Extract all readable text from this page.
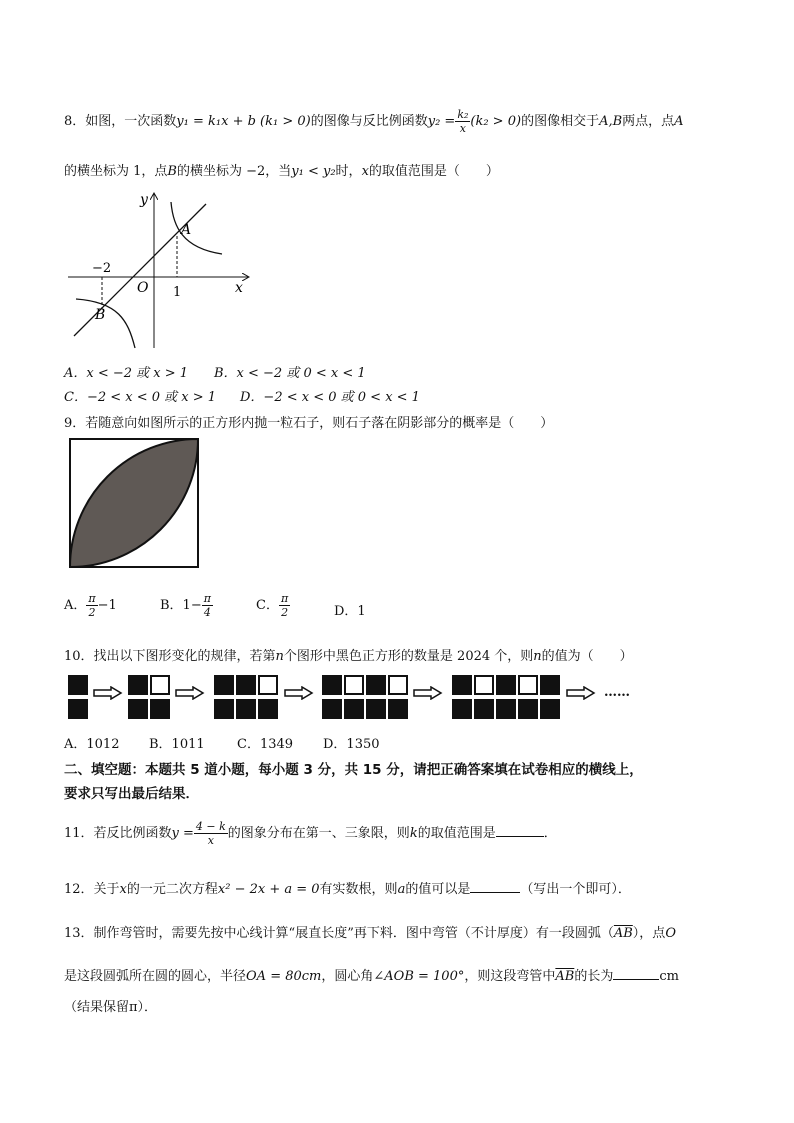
8．如图，一次函数y₁ = k₁x + b (k₁ > 0)的图像与反比例函数$y_2 = \frac{\text{k₂}}{x} (k_2 > 0)$的图像相交于A,B两点，点A
的横坐标为 1，点B的横坐标为 −2，当y₁ < y₂时，x的取值范围是（　　）
y
x
O
−2
1
A
B
A．x < −2 或 x > 1 B．x < −2 或 0 < x < 1
C．−2 < x < 0 或 x > 1 D．−2 < x < 0 或 0 < x < 1
9．若随意向如图所示的正方形内抛一粒石子，则石子落在阴影部分的概率是（　　）
A． $\frac{\pi}{2} -1$	B．$1- \frac{\pi}{4}$	C． $\frac{\pi}{2}$	D．1
10．找出以下图形变化的规律，若第n个图形中黑色正方形的数量是 2024 个，则n的值为（　　）
……
A．1012 B．1011 C．1349 D．1350
二、填空题：本题共 5 道小题，每小题 3 分，共 15 分，请把正确答案填在试卷相应的横线上，
要求只写出最后结果．
11．若反比例函数$y = \frac{4 - k}{x}$ 的图象分布在第一、三象限，则k的取值范围是	．
12．关于x的一元二次方程x² − 2x + a = 0有实数根，则a的值可以是	（写出一个即可）．
13．制作弯管时，需要先按中心线计算“展直长度”再下料．图中弯管（不计厚度）有一段圆弧$(\overline{AB})$，点O
是这段圆弧所在圆的圆心，半径OA = 80cm，圆心角∠AOB = 100°，则这段弯管中$\overline{AB}$的长为	cm
（结果保留π）．
